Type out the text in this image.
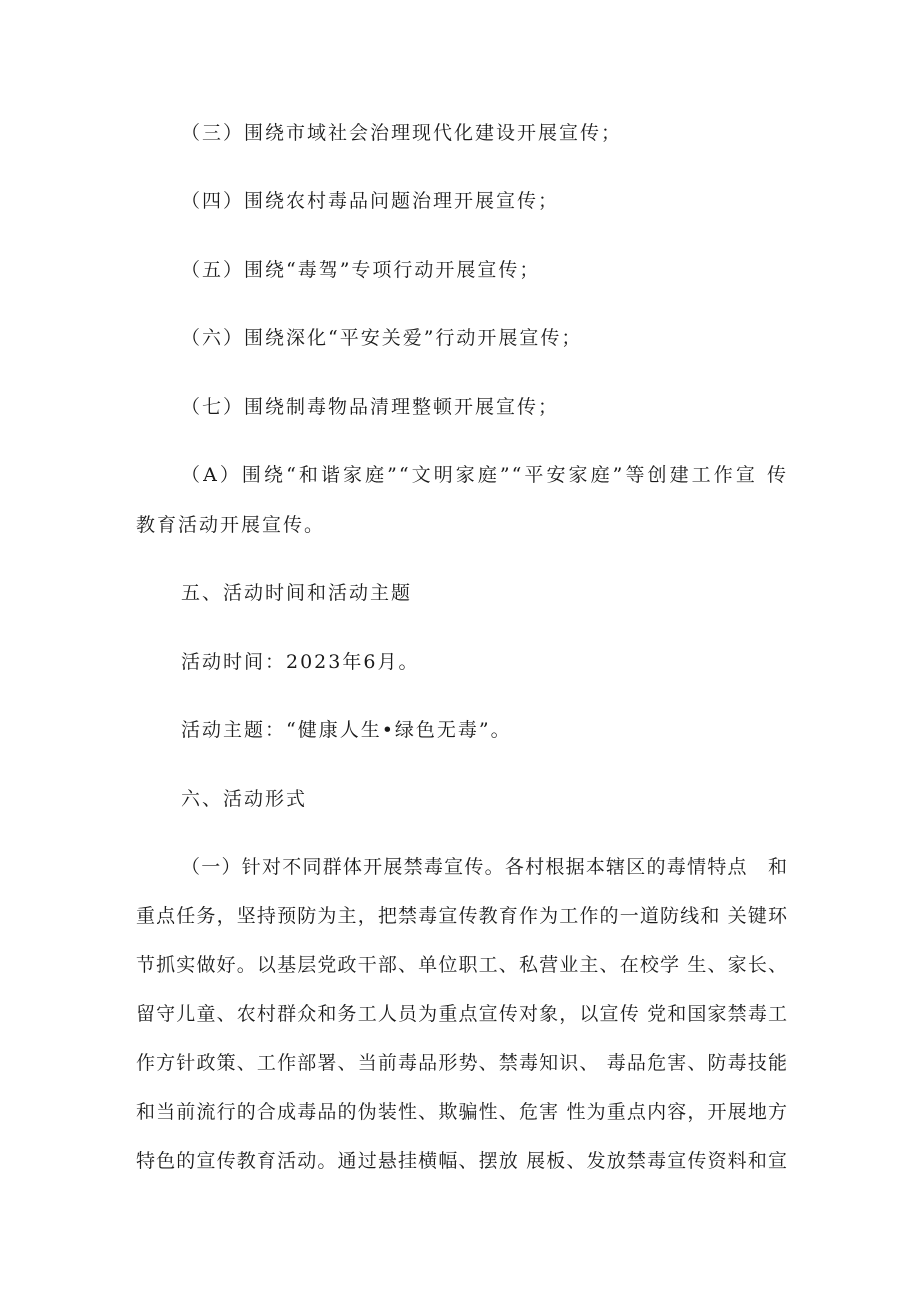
（三）围绕市域社会治理现代化建设开展宣传；
（四）围绕农村毒品问题治理开展宣传；
（五）围绕“毒驾”专项行动开展宣传；
（六）围绕深化“平安关爱”行动开展宣传；
（七）围绕制毒物品清理整顿开展宣传；
（A）围绕“和谐家庭”“文明家庭”“平安家庭”等创建工作宣 传
教育活动开展宣传。
五、活动时间和活动主题
活动时间：2023年6月。
活动主题：“健康人生•绿色无毒”。
六、活动形式
（一）针对不同群体开展禁毒宣传。各村根据本辖区的毒情特点　和
重点任务，坚持预防为主，把禁毒宣传教育作为工作的一道防线和 关键环
节抓实做好。以基层党政干部、单位职工、私营业主、在校学 生、家长、
留守儿童、农村群众和务工人员为重点宣传对象，以宣传 党和国家禁毒工
作方针政策、工作部署、当前毒品形势、禁毒知识、 毒品危害、防毒技能
和当前流行的合成毒品的伪装性、欺骗性、危害 性为重点内容，开展地方
特色的宣传教育活动。通过悬挂横幅、摆放 展板、发放禁毒宣传资料和宣
